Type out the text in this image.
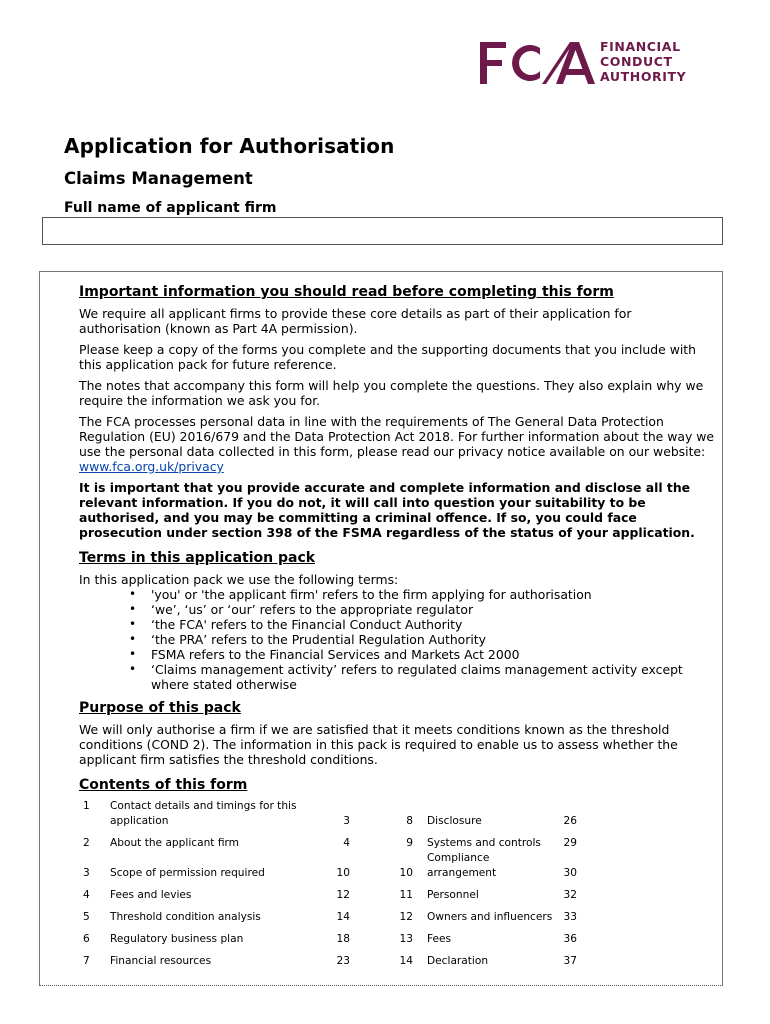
FINANCIAL
CONDUCT
AUTHORITY
Application for Authorisation
Claims Management
Full name of applicant firm
Important information you should read before completing this form

We require all applicant firms to provide these core details as part of their application for authorisation (known as Part 4A permission).

Please keep a copy of the forms you complete and the supporting documents that you include with this application pack for future reference.

The notes that accompany this form will help you complete the questions. They also explain why we require the information we ask you for.

The FCA processes personal data in line with the requirements of The General Data Protection Regulation (EU) 2016/679 and the Data Protection Act 2018. For further information about the way we use the personal data collected in this form, please read our privacy notice available on our website: www.fca.org.uk/privacy

It is important that you provide accurate and complete information and disclose all the relevant information. If you do not, it will call into question your suitability to be authorised, and you may be committing a criminal offence. If so, you could face prosecution under section 398 of the FSMA regardless of the status of your application.

Terms in this application pack

In this application pack we use the following terms:

• 'you' or 'the applicant firm' refers to the firm applying for authorisation
• ‘we’, ‘us’ or ‘our’ refers to the appropriate regulator
• ‘the FCA' refers to the Financial Conduct Authority
• ‘the PRA’ refers to the Prudential Regulation Authority
• FSMA refers to the Financial Services and Markets Act 2000
• ‘Claims management activity’ refers to regulated claims management activity except where stated otherwise
Purpose of this pack

We will only authorise a firm if we are satisfied that it meets conditions known as the threshold conditions (COND 2). The information in this pack is required to enable us to assess whether the applicant firm satisfies the threshold conditions.

Contents of this form
1	Contact details and timings for this application	3	8	Disclosure	26
2	About the applicant firm	4	9	Systems and controls	29
3	Scope of permission required	10	10	Compliance arrangement	30
4	Fees and levies	12	11	Personnel	32
5	Threshold condition analysis	14	12	Owners and influencers	33
6	Regulatory business plan	18	13	Fees	36
7	Financial resources	23	14	Declaration	37
